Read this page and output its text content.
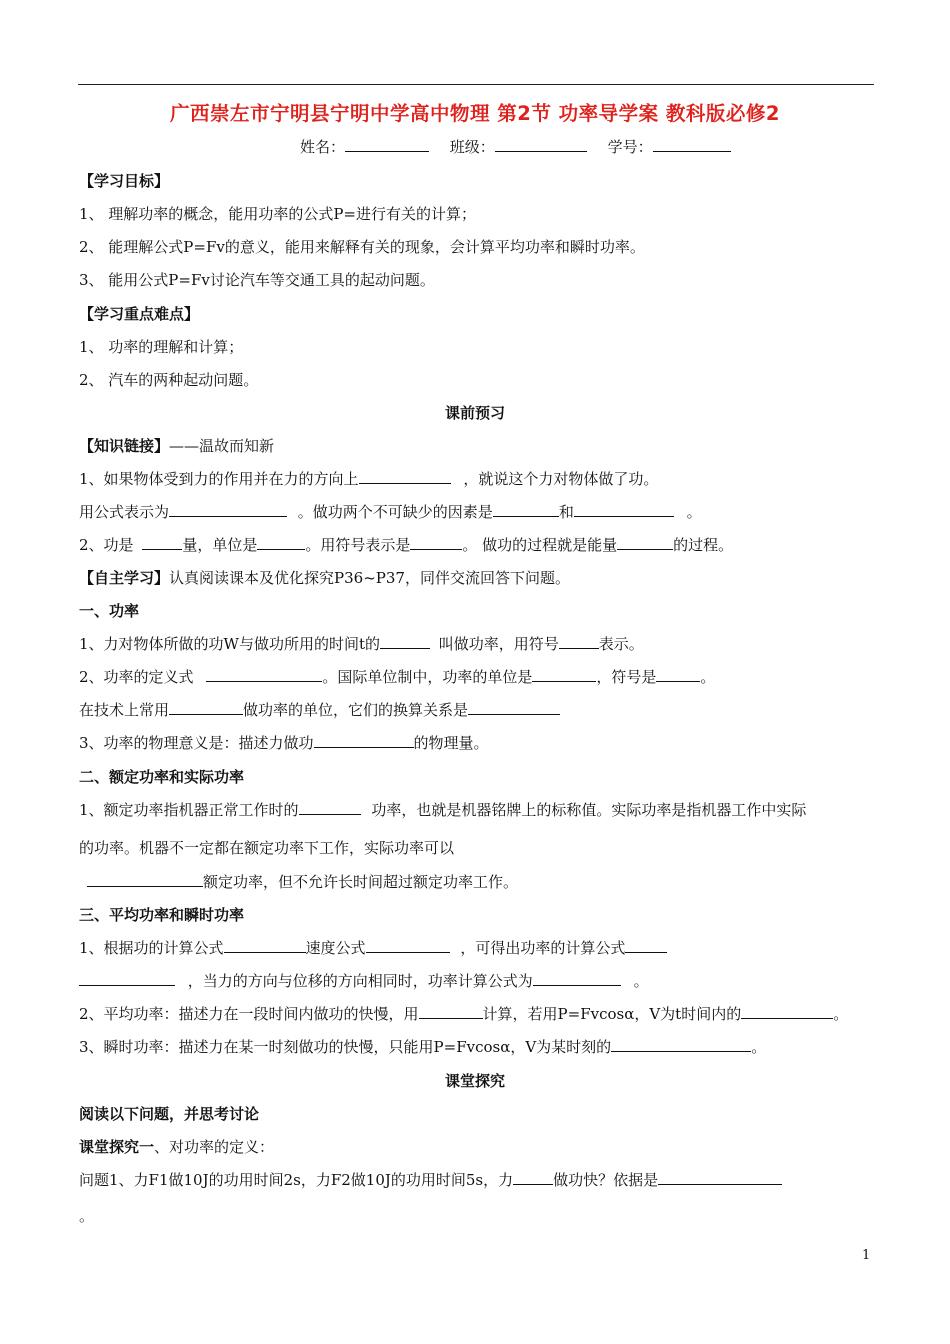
广西崇左市宁明县宁明中学高中物理 第2节 功率导学案 教科版必修2
姓名：	班级：	学号：
【学习目标】
1、 理解功率的概念，能用功率的公式P=进行有关的计算；
2、 能理解公式P=Fv的意义，能用来解释有关的现象，会计算平均功率和瞬时功率。
3、 能用公式P=Fv讨论汽车等交通工具的起动问题。
【学习重点难点】
1、 功率的理解和计算；
2、 汽车的两种起动问题。
课前预习
【知识链接】——温故而知新
1、如果物体受到力的作用并在力的方向上	，就说这个力对物体做了功。
用公式表示为	。做功两个不可缺少的因素是	和	。
2、功是	量，单位是	。用符号表示是	。 做功的过程就是能量	的过程。
【自主学习】认真阅读课本及优化探究P36~P37，同伴交流回答下问题。
一、功率
1、力对物体所做的功W与做功所用的时间t的	叫做功率，用符号	表示。
2、功率的定义式	。国际单位制中，功率的单位是	，符号是	。
在技术上常用	做功率的单位，它们的换算关系是
3、功率的物理意义是：描述力做功	的物理量。
二、额定功率和实际功率
1、额定功率指机器正常工作时的	功率，也就是机器铭牌上的标称值。实际功率是指机器工作中实际
的功率。机器不一定都在额定功率下工作，实际功率可以
额定功率，但不允许长时间超过额定功率工作。
三、平均功率和瞬时功率
1、根据功的计算公式	速度公式	，可得出功率的计算公式
，当力的方向与位移的方向相同时，功率计算公式为	。
2、平均功率：描述力在一段时间内做功的快慢，用	计算，若用P=Fvcosα，V为t时间内的	。
3、瞬时功率：描述力在某一时刻做功的快慢，只能用P=Fvcosα，V为某时刻的	。
课堂探究
阅读以下问题，并思考讨论
课堂探究一、对功率的定义：
问题1、力F1做10J的功用时间2s，力F2做10J的功用时间5s，力	做功快？依据是
。
1
